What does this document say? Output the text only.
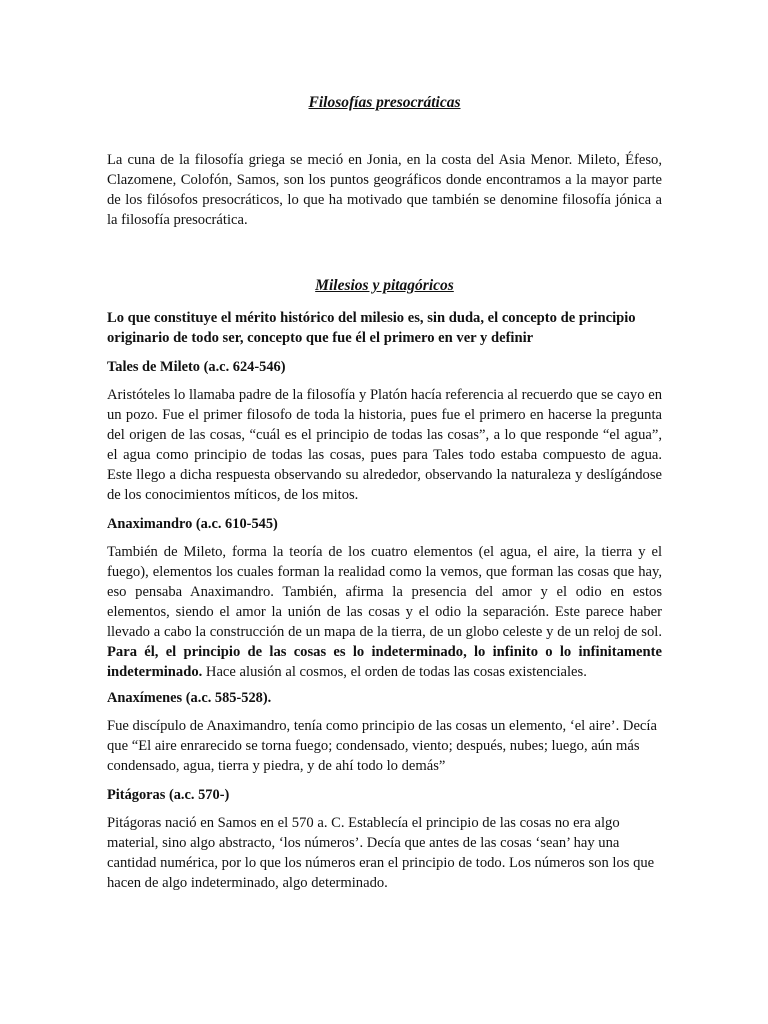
Filosofías presocráticas

La cuna de la filosofía griega se meció en Jonia, en la costa del Asia Menor. Mileto, Éfeso, Clazomene, Colofón, Samos, son los puntos geográficos donde encontramos a la mayor parte de los filósofos presocráticos, lo que ha motivado que también se denomine filosofía jónica a la filosofía presocrática.

Milesios y pitagóricos

Lo que constituye el mérito histórico del milesio es, sin duda, el concepto de principio originario de todo ser, concepto que fue él el primero en ver y definir

Tales de Mileto (a.c. 624-546)

Aristóteles lo llamaba padre de la filosofía y Platón hacía referencia al recuerdo que se cayo en un pozo. Fue el primer filosofo de toda la historia, pues fue el primero en hacerse la pregunta del origen de las cosas, “cuál es el principio de todas las cosas”, a lo que responde “el agua”, el agua como principio de todas las cosas, pues para Tales todo estaba compuesto de agua. Este llego a dicha respuesta observando su alrededor, observando la naturaleza y deslígándose de los conocimientos míticos, de los mitos.

Anaximandro (a.c. 610-545)

También de Mileto, forma la teoría de los cuatro elementos (el agua, el aire, la tierra y el fuego), elementos los cuales forman la realidad como la vemos, que forman las cosas que hay, eso pensaba Anaximandro. También, afirma la presencia del amor y el odio en estos elementos, siendo el amor la unión de las cosas y el odio la separación. Este parece haber llevado a cabo la construcción de un mapa de la tierra, de un globo celeste y de un reloj de sol. Para él, el principio de las cosas es lo indeterminado, lo infinito o lo infinitamente indeterminado. Hace alusión al cosmos, el orden de todas las cosas existenciales.

Anaxímenes (a.c. 585-528).

Fue discípulo de Anaximandro, tenía como principio de las cosas un elemento, ‘el aire’. Decía que “El aire enrarecido se torna fuego; condensado, viento; después, nubes; luego, aún más condensado, agua, tierra y piedra, y de ahí todo lo demás”

Pitágoras (a.c. 570-)

Pitágoras nació en Samos en el 570 a. C. Establecía el principio de las cosas no era algo material, sino algo abstracto, ‘los números’. Decía que antes de las cosas ‘sean’ hay una cantidad numérica, por lo que los números eran el principio de todo. Los números son los que hacen de algo indeterminado, algo determinado.
